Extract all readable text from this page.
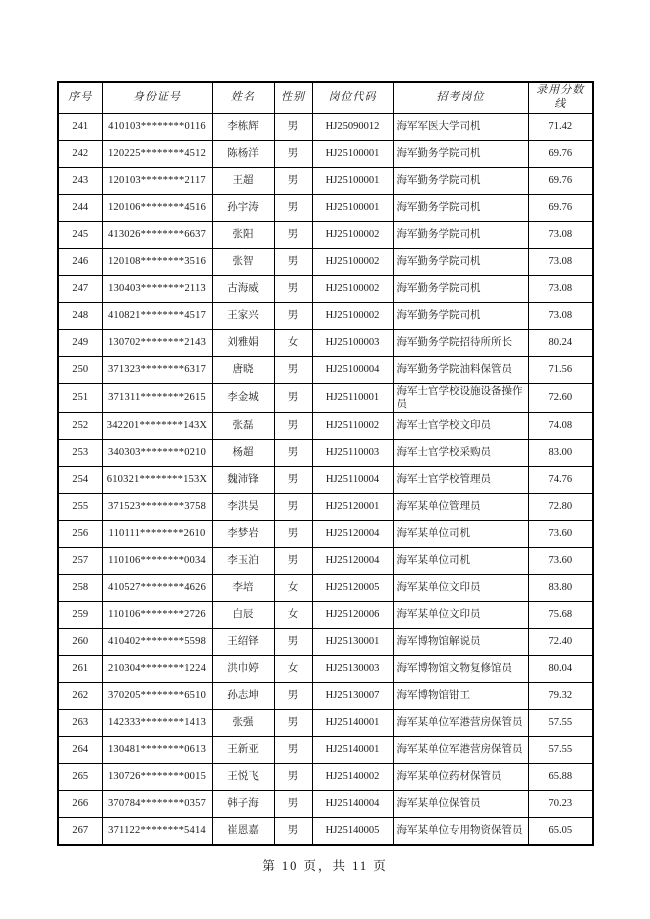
序号	身份证号	姓名	性别	岗位代码	招考岗位	录用分数线
241	410103********0116	李栋辉	男	HJ25090012	海军军医大学司机	71.42
242	120225********4512	陈杨洋	男	HJ25100001	海军勤务学院司机	69.76
243	120103********2117	王超	男	HJ25100001	海军勤务学院司机	69.76
244	120106********4516	孙宇涛	男	HJ25100001	海军勤务学院司机	69.76
245	413026********6637	张阳	男	HJ25100002	海军勤务学院司机	73.08
246	120108********3516	张智	男	HJ25100002	海军勤务学院司机	73.08
247	130403********2113	古海威	男	HJ25100002	海军勤务学院司机	73.08
248	410821********4517	王家兴	男	HJ25100002	海军勤务学院司机	73.08
249	130702********2143	刘雅娟	女	HJ25100003	海军勤务学院招待所所长	80.24
250	371323********6317	唐晓	男	HJ25100004	海军勤务学院油料保管员	71.56
251	371311********2615	李金城	男	HJ25110001	海军士官学校设施设备操作员	72.60
252	342201********143X	张磊	男	HJ25110002	海军士官学校文印员	74.08
253	340303********0210	杨超	男	HJ25110003	海军士官学校采购员	83.00
254	610321********153X	魏沛锋	男	HJ25110004	海军士官学校管理员	74.76
255	371523********3758	李洪昊	男	HJ25120001	海军某单位管理员	72.80
256	110111********2610	李梦岩	男	HJ25120004	海军某单位司机	73.60
257	110106********0034	李玉泊	男	HJ25120004	海军某单位司机	73.60
258	410527********4626	李培	女	HJ25120005	海军某单位文印员	83.80
259	110106********2726	白辰	女	HJ25120006	海军某单位文印员	75.68
260	410402********5598	王绍铎	男	HJ25130001	海军博物馆解说员	72.40
261	210304********1224	洪巾婷	女	HJ25130003	海军博物馆文物复修馆员	80.04
262	370205********6510	孙志坤	男	HJ25130007	海军博物馆钳工	79.32
263	142333********1413	张强	男	HJ25140001	海军某单位军港营房保管员	57.55
264	130481********0613	王新亚	男	HJ25140001	海军某单位军港营房保管员	57.55
265	130726********0015	王悦飞	男	HJ25140002	海军某单位药材保管员	65.88
266	370784********0357	韩子海	男	HJ25140004	海军某单位保管员	70.23
267	371122********5414	崔恩嘉	男	HJ25140005	海军某单位专用物资保管员	65.05
第 10 页，共 11 页
